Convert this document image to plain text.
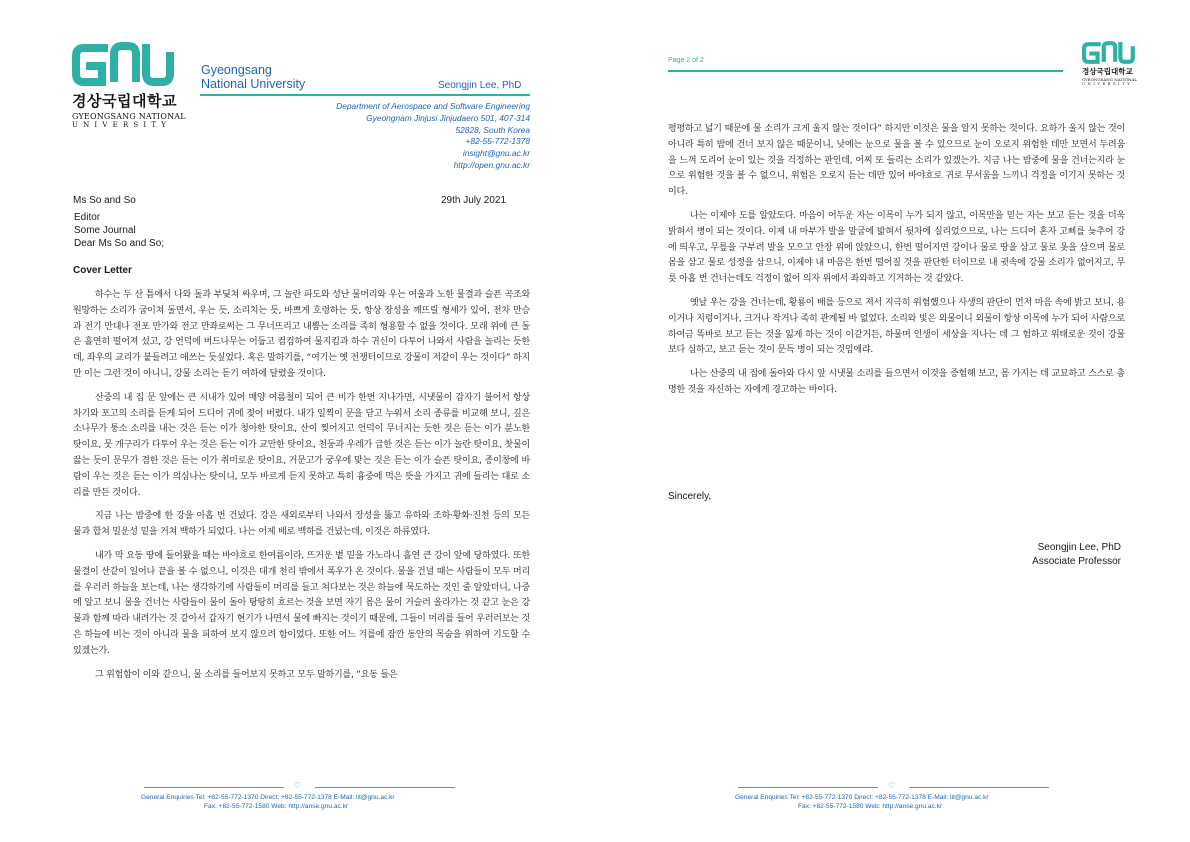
경상국립대학교
GYEONGSANG NATIONAL
UNIVERSITY
Gyeongsang
National University	Seongjin Lee, PhD
Department of Aerospace and Software Engineering
Gyeongnam Jinjusi Jinjudaero 501, 407-314
52828, South Korea
+82-55-772-1378
insight@gnu.ac.kr
http://open.gnu.ac.kr
Ms So and So
Editor
Some Journal
Dear Ms So and So;
29th July 2021
Cover Letter

하수는 두 산 틈에서 나와 돌과 부딪쳐 싸우며, 그 놀란 파도와 성난 물머리와 우는 여울과 노한 물결과 슬픈 곡조와 원망하는 소리가 굽이쳐 돌면서, 우는 듯, 소리치는 듯, 바쁘게 호령하는 듯, 항상 장성을 깨뜨릴 형세가 있어, 전차 만승과 전기 만대나 전포 만가와 전고 만좌로써는 그 무너뜨리고 내뿜는 소리를 족히 형용할 수 없을 것이다. 모래 위에 큰 돌은 흘연히 떨어져 섰고, 강 언덕에 버드나무는 어둡고 컴컴하여 물지킴과 하수 귀신이 다투어 나와서 사람을 놀리는 듯한데, 좌우의 교리가 붙들려고 애쓰는 듯싶었다. 혹은 말하기를, “여기는 옛 전쟁터이므로 강물이 저같이 우는 것이다” 하지만 이는 그런 것이 아니니, 강물 소리는 듣기 여하에 달렸을 것이다.

산중의 내 집 문 앞에는 큰 시내가 있어 매양 여름철이 되어 큰 비가 한번 지나가면, 시냇물이 갑자기 불어서 항상 차기와 포고의 소리를 듣게 되어 드디어 귀에 젖어 버렸다. 내가 일찍이 문을 닫고 누워서 소리 종류를 비교해 보니, 깊은 소나무가 퉁소 소리를 내는 것은 듣는 이가 청아한 탓이요, 산이 찢어지고 언덕이 무너지는 듯한 것은 듣는 이가 분노한 탓이요, 뭇 개구리가 다투어 우는 것은 듣는 이가 교만한 탓이요, 천둥과 우레가 급한 것은 듣는 이가 놀란 탓이요, 찻물이 끓는 듯이 문무가 겸한 것은 듣는 이가 취미로운 탓이요, 거문고가 궁우에 맞는 것은 듣는 이가 슬픈 탓이요, 종이창에 바람이 우는 것은 듣는 이가 의심나는 탓이니, 모두 바르게 듣지 못하고 특히 흉중에 먹은 뜻을 가지고 귀에 들리는 대로 소리를 만든 것이다.

지금 나는 밤중에 한 강을 아홉 번 건넜다. 강은 새외로부터 나와서 장성을 뚫고 유하와 조하·황화·진천 등의 모든 물과 합쳐 밀운성 밑을 거쳐 백하가 되었다. 나는 어제 배로 백하를 건넜는데, 이것은 하류였다.

내가 막 요동 땅에 들어왔을 때는 바야흐로 한여름이라, 뜨거운 볕 밑을 가노라니 흘연 큰 강이 앞에 당하였다. 또한 물결이 산같이 일어나 끝을 볼 수 없으니, 이것은 대개 천리 밖에서 폭우가 온 것이다. 물을 건널 때는 사람들이 모두 머리를 우러러 하늘을 보는데, 나는 생각하기에 사람들이 머리를 들고 쳐다보는 것은 하늘에 묵도하는 것인 줄 알았더니, 나중에 알고 보니 물을 건너는 사람들이 물이 돌아 탕탕히 흐르는 것을 보면 자기 몸은 물이 거슬러 올라가는 것 같고 눈은 강물과 함께 따라 내려가는 것 같아서 갑자기 현기가 나면서 물에 빠지는 것이기 때문에, 그들이 머리를 들어 우러러보는 것은 하늘에 비는 것이 아니라 물을 피하여 보지 않으려 함이었다. 또한 어느 겨를에 잠깐 동안의 목숨을 위하여 기도할 수 있겠는가.

그 위험함이 이와 같으니, 물 소리를 들어보지 못하고 모두 말하기를, “요동 들은

♡
General Enquiries Tel: +82-55-772-1370 Direct: +82-55-772-1378 E-Mail: lit@gnu.ac.kr
Fax: +82-55-772-1580 Web: http://anse.gnu.ac.kr
Page 2 of 2
경상국립대학교
GYEONGSANG NATIONAL
UNIVERSITY

평평하고 넓기 때문에 물 소리가 크게 울지 않는 것이다” 하지만 이것은 물을 알지 못하는 것이다. 요하가 울지 않는 것이 아니라 특히 밤에 건너 보지 않은 때문이니, 낮에는 눈으로 물을 볼 수 있으므로 눈이 오로지 위험한 데만 보면서 두려움을 느껴 도리어 눈이 있는 것을 걱정하는 판인데, 어찌 또 들리는 소리가 있겠는가. 지금 나는 밤중에 물을 건너는지라 눈으로 위험한 것을 볼 수 없으니, 위험은 오로지 듣는 데만 있어 바야흐로 귀로 무서움을 느끼니 걱정을 이기지 못하는 것이다.

나는 이제야 도를 알았도다. 마음이 어두운 자는 이목이 누가 되지 않고, 이목만을 믿는 자는 보고 듣는 것을 더욱 밝혀서 병이 되는 것이다. 이제 내 마부가 발을 말굽에 밟혀서 뒷차에 실리었으므로, 나는 드디어 혼자 고삐를 늦추어 강에 띄우고, 무릎을 구부려 발을 모으고 안장 위에 앉았으니, 한번 떨어지면 강이나 물로 땅을 삼고 물로 옷을 삼으며 물로 몸을 삼고 물로 성정을 삼으니, 이제야 내 마음은 한번 떨어질 것을 판단한 터이므로 내 귓속에 강물 소리가 없어지고, 무릇 아홉 번 건너는데도 걱정이 없어 의자 위에서 좌와하고 기거하는 것 같았다.

옛날 우는 강을 건너는데, 황룡이 배를 등으로 져서 지극히 위험했으나 사생의 판단이 먼저 마음 속에 밝고 보니, 용이거나 지렁이거나, 크거나 작거나 족히 관계될 바 없었다. 소리와 빛은 외물이니 외물이 항상 이목에 누가 되어 사람으로 하여금 똑바로 보고 듣는 것을 잃게 하는 것이 이같거든, 하물며 인생이 세상을 지나는 데 그 험하고 위태로운 것이 강물보다 심하고, 보고 듣는 것이 문득 병이 되는 것임에랴.

나는 산중의 내 집에 돌아와 다시 앞 시냇물 소리를 들으면서 이것을 증험해 보고, 몸 가지는 데 교묘하고 스스로 총명한 것을 자신하는 자에게 경고하는 바이다.

Sincerely,
Seongjin Lee, PhD
Associate Professor
♡
General Enquiries Tel: +82-55-772-1370 Direct: +82-55-772-1378 E-Mail: lit@gnu.ac.kr
Fax: +82-55-772-1580 Web: http://anse.gnu.ac.kr
